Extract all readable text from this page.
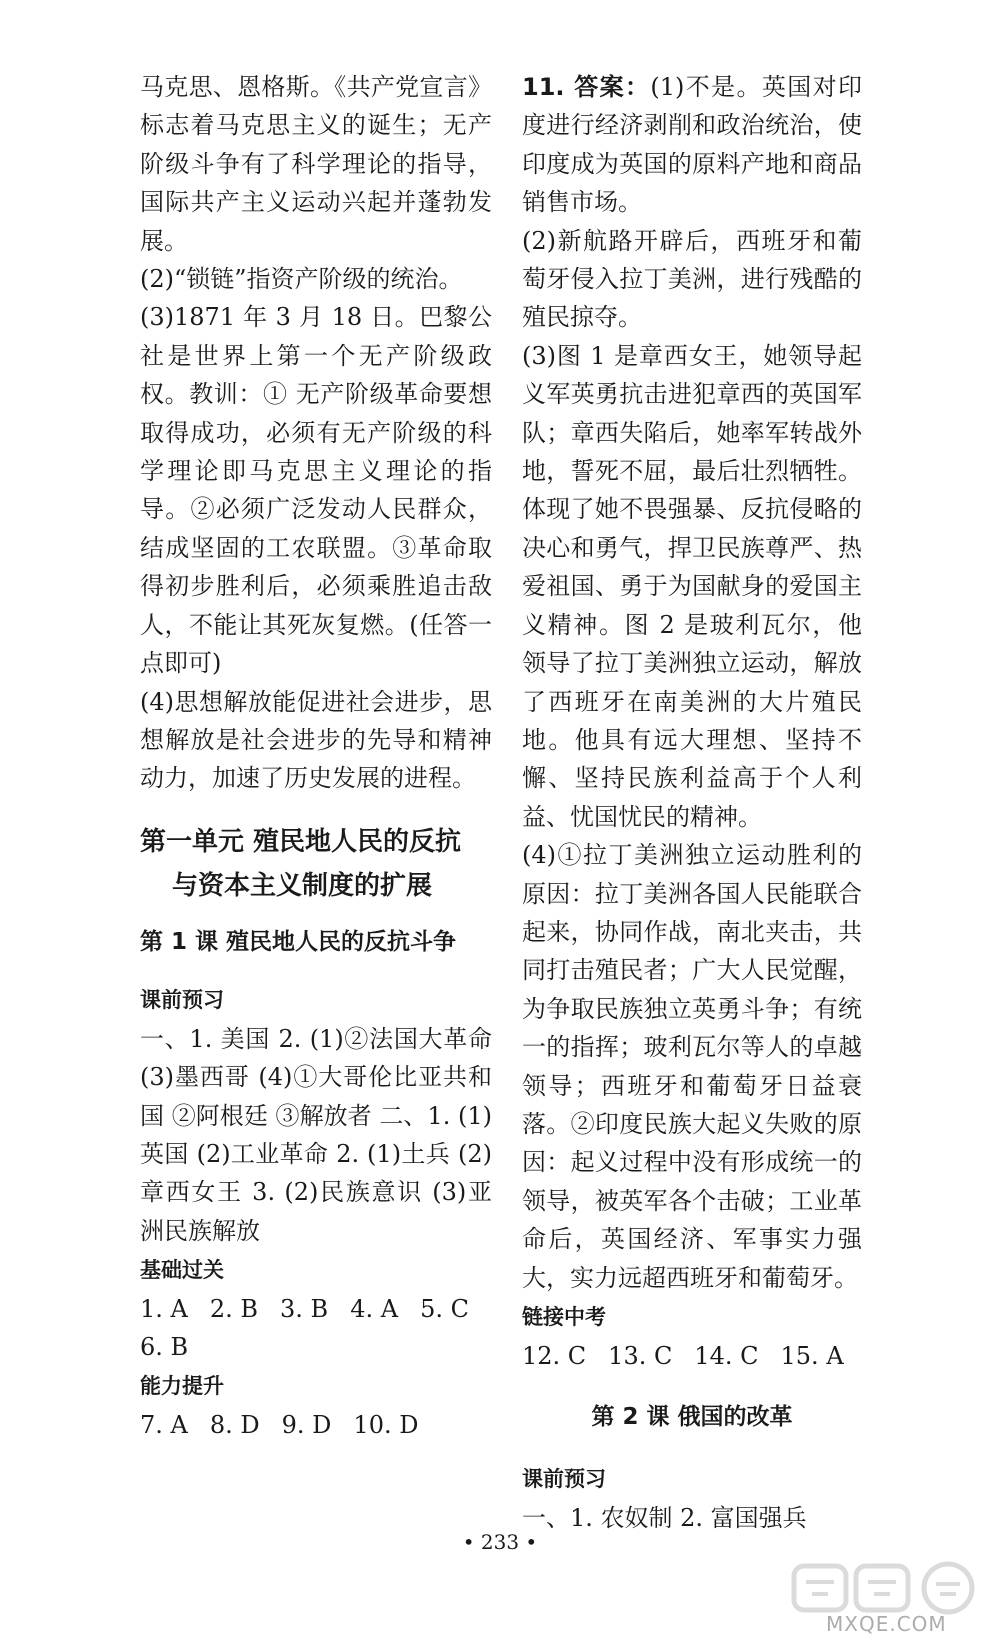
马克思、恩格斯。《共产党宣言》标志着马克思主义的诞生；无产阶级斗争有了科学理论的指导，国际共产主义运动兴起并蓬勃发展。

(2)“锁链”指资产阶级的统治。

(3)1871 年 3 月 18 日。巴黎公社是世界上第一个无产阶级政权。教训：① 无产阶级革命要想取得成功，必须有无产阶级的科学理论即马克思主义理论的指导。②必须广泛发动人民群众，结成坚固的工农联盟。③革命取得初步胜利后，必须乘胜追击敌人，不能让其死灰复燃。(任答一点即可)

(4)思想解放能促进社会进步，思想解放是社会进步的先导和精神动力，加速了历史发展的进程。

第一单元 殖民地人民的反抗
与资本主义制度的扩展
第 1 课 殖民地人民的反抗斗争
课前预习

一、1. 美国 2. (1)②法国大革命 (3)墨西哥 (4)①大哥伦比亚共和国 ②阿根廷 ③解放者 二、1. (1)英国 (2)工业革命 2. (1)土兵 (2)章西女王 3. (2)民族意识 (3)亚洲民族解放

基础过关

1. A 2. B 3. B 4. A 5. C

6. B

能力提升

7. A 8. D 9. D 10. D

11. 答案：(1)不是。英国对印度进行经济剥削和政治统治，使印度成为英国的原料产地和商品销售市场。

(2)新航路开辟后，西班牙和葡萄牙侵入拉丁美洲，进行残酷的殖民掠夺。

(3)图 1 是章西女王，她领导起义军英勇抗击进犯章西的英国军队；章西失陷后，她率军转战外地，誓死不屈，最后壮烈牺牲。体现了她不畏强暴、反抗侵略的决心和勇气，捍卫民族尊严、热爱祖国、勇于为国献身的爱国主义精神。图 2 是玻利瓦尔，他领导了拉丁美洲独立运动，解放了西班牙在南美洲的大片殖民地。他具有远大理想、坚持不懈、坚持民族利益高于个人利益、忧国忧民的精神。

(4)①拉丁美洲独立运动胜利的原因：拉丁美洲各国人民能联合起来，协同作战，南北夹击，共同打击殖民者；广大人民觉醒，为争取民族独立英勇斗争；有统一的指挥；玻利瓦尔等人的卓越领导；西班牙和葡萄牙日益衰落。②印度民族大起义失败的原因：起义过程中没有形成统一的领导，被英军各个击破；工业革命后，英国经济、军事实力强大，实力远超西班牙和葡萄牙。

链接中考

12. C 13. C 14. C 15. A

第 2 课 俄国的改革
课前预习

一、1. 农奴制 2. 富国强兵

• 233 •
MXQE.COM
